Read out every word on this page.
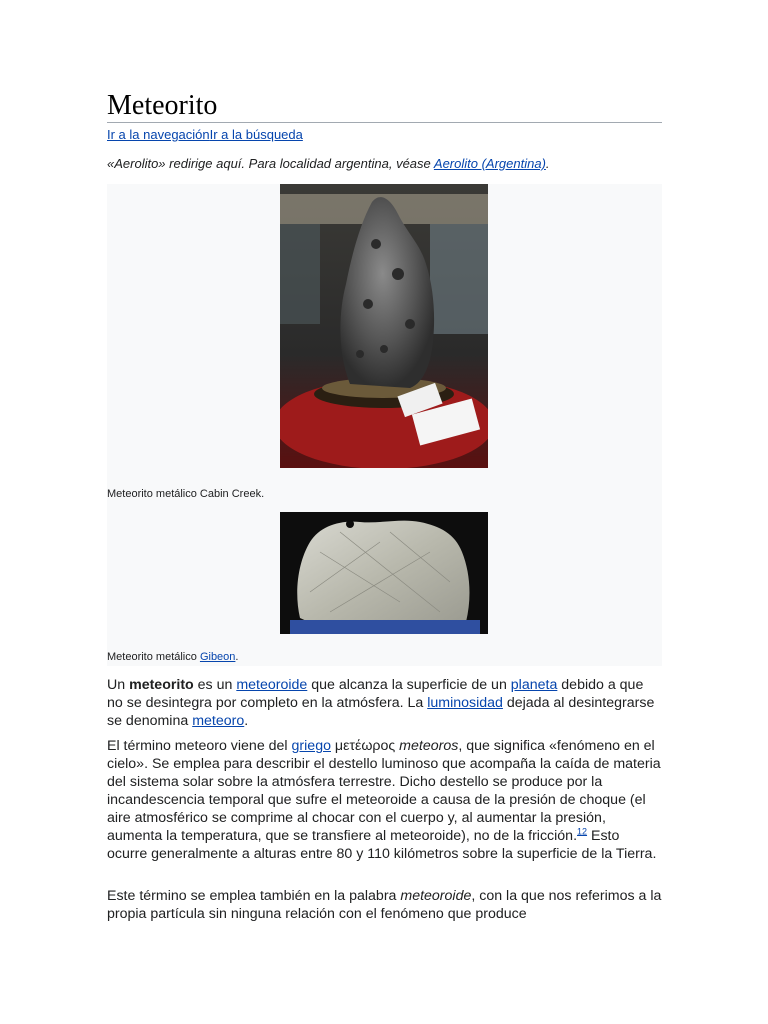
Meteorito
Ir a la navegaciónIr a la búsqueda
«Aerolito» redirige aquí. Para localidad argentina, véase Aerolito (Argentina).
Meteorito metálico Cabin Creek.
Meteorito metálico Gibeon.
Un meteorito es un meteoroide que alcanza la superficie de un planeta debido a que no se desintegra por completo en la atmósfera. La luminosidad dejada al desintegrarse se denomina meteoro.
El término meteoro viene del griego μετέωρος meteoros, que significa «fenómeno en el cielo». Se emplea para describir el destello luminoso que acompaña la caída de materia del sistema solar sobre la atmósfera terrestre. Dicho destello se produce por la incandescencia temporal que sufre el meteoroide a causa de la presión de choque (el aire atmosférico se comprime al chocar con el cuerpo y, al aumentar la presión, aumenta la temperatura, que se transfiere al meteoroide), no de la fricción.$^{12}$ Esto ocurre generalmente a alturas entre 80 y 110 kilómetros sobre la superficie de la Tierra.
Este término se emplea también en la palabra meteoroide, con la que nos referimos a la propia partícula sin ninguna relación con el fenómeno que produce
